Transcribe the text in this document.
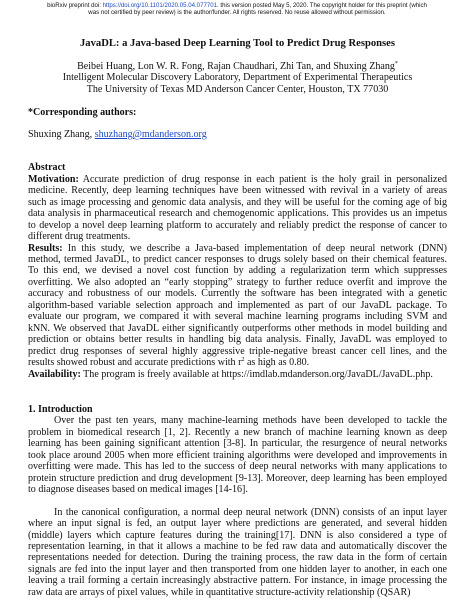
bioRxiv preprint doi: https://doi.org/10.1101/2020.05.04.077701. this version posted May 5, 2020. The copyright holder for this preprint (which
was not certified by peer review) is the author/funder. All rights reserved. No reuse allowed without permission.

JavaDL: a Java-based Deep Learning Tool to Predict Drug Responses

Beibei Huang, Lon W. R. Fong, Rajan Chaudhari, Zhi Tan, and Shuxing Zhang*

Intelligent Molecular Discovery Laboratory, Department of Experimental Therapeutics

The University of Texas MD Anderson Cancer Center, Houston, TX 77030

*Corresponding authors:

Shuxing Zhang, shuzhang@mdanderson.org

Abstract

Motivation: Accurate prediction of drug response in each patient is the holy grail in personalized medicine. Recently, deep learning techniques have been witnessed with revival in a variety of areas such as image processing and genomic data analysis, and they will be useful for the coming age of big data analysis in pharmaceutical research and chemogenomic applications. This provides us an impetus to develop a novel deep learning platform to accurately and reliably predict the response of cancer to different drug treatments.

Results: In this study, we describe a Java-based implementation of deep neural network (DNN) method, termed JavaDL, to predict cancer responses to drugs solely based on their chemical features. To this end, we devised a novel cost function by adding a regularization term which suppresses overfitting. We also adopted an “early stopping” strategy to further reduce overfit and improve the accuracy and robustness of our models. Currently the software has been integrated with a genetic algorithm-based variable selection approach and implemented as part of our JavaDL package. To evaluate our program, we compared it with several machine learning programs including SVM and kNN. We observed that JavaDL either significantly outperforms other methods in model building and prediction or obtains better results in handling big data analysis. Finally, JavaDL was employed to predict drug responses of several highly aggressive triple-negative breast cancer cell lines, and the results showed robust and accurate predictions with $r^2$ as high as 0.80.

Availability: The program is freely available at https://imdlab.mdanderson.org/JavaDL/JavaDL.php.

1. Introduction

Over the past ten years, many machine-learning methods have been developed to tackle the problem in biomedical research [1, 2]. Recently a new branch of machine learning known as deep learning has been gaining significant attention [3-8]. In particular, the resurgence of neural networks took place around 2005 when more efficient training algorithms were developed and improvements in overfitting were made. This has led to the success of deep neural networks with many applications to protein structure prediction and drug development [9-13]. Moreover, deep learning has been employed to diagnose diseases based on medical images [14-16].

In the canonical configuration, a normal deep neural network (DNN) consists of an input layer where an input signal is fed, an output layer where predictions are generated, and several hidden (middle) layers which capture features during the training[17]. DNN is also considered a type of representation learning, in that it allows a machine to be fed raw data and automatically discover the representations needed for detection. During the training process, the raw data in the form of certain signals are fed into the input layer and then transported from one hidden layer to another, in each one leaving a trail forming a certain increasingly abstractive pattern. For instance, in image processing the raw data are arrays of pixel values, while in quantitative structure-activity relationship (QSAR)
